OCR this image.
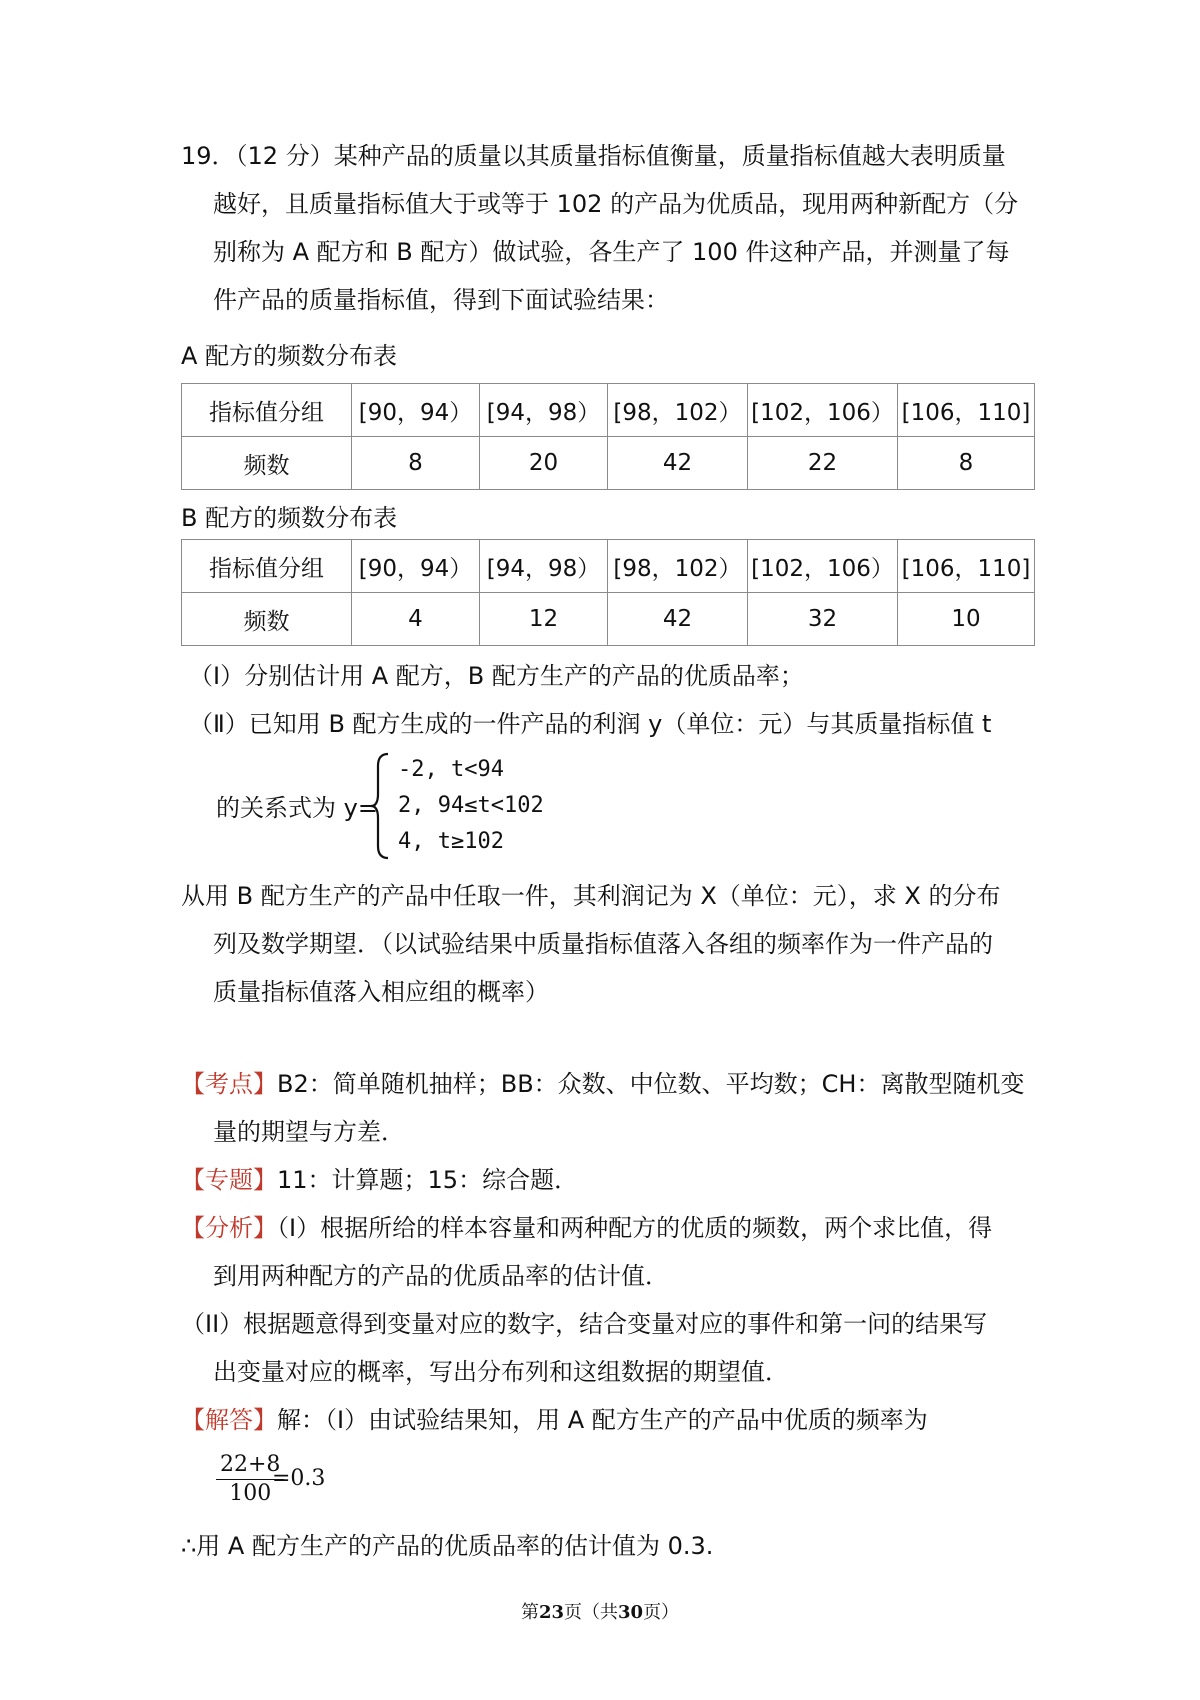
19．（12 分）某种产品的质量以其质量指标值衡量，质量指标值越大表明质量
越好，且质量指标值大于或等于 102 的产品为优质品，现用两种新配方（分
别称为 A 配方和 B 配方）做试验，各生产了 100 件这种产品，并测量了每
件产品的质量指标值，得到下面试验结果：
A 配方的频数分布表
指标值分组	[90，94）	[94，98）	[98，102）	[102，106）	[106，110]
频数	8	20	42	22	8
B 配方的频数分布表
指标值分组	[90，94）	[94，98）	[98，102）	[102，106）	[106，110]
频数	4	12	42	32	10
（Ⅰ）分别估计用 A 配方，B 配方生产的产品的优质品率；
（Ⅱ）已知用 B 配方生成的一件产品的利润 y（单位：元）与其质量指标值 t
的关系式为 y=
-2, t<94
2, 94≤t<102
4, t≥102
从用 B 配方生产的产品中任取一件，其利润记为 X（单位：元），求 X 的分布
列及数学期望．（以试验结果中质量指标值落入各组的频率作为一件产品的
质量指标值落入相应组的概率）
【考点】B2：简单随机抽样；BB：众数、中位数、平均数；CH：离散型随机变
量的期望与方差．
【专题】11：计算题；15：综合题．
【分析】（I）根据所给的样本容量和两种配方的优质的频数，两个求比值，得
到用两种配方的产品的优质品率的估计值．
（II）根据题意得到变量对应的数字，结合变量对应的事件和第一问的结果写
出变量对应的概率，写出分布列和这组数据的期望值．
【解答】解：（Ⅰ）由试验结果知，用 A 配方生产的产品中优质的频率为
$\frac{22+8}{100}$
=0.3
∴用 A 配方生产的产品的优质品率的估计值为 0.3.
第23页（共30页）
